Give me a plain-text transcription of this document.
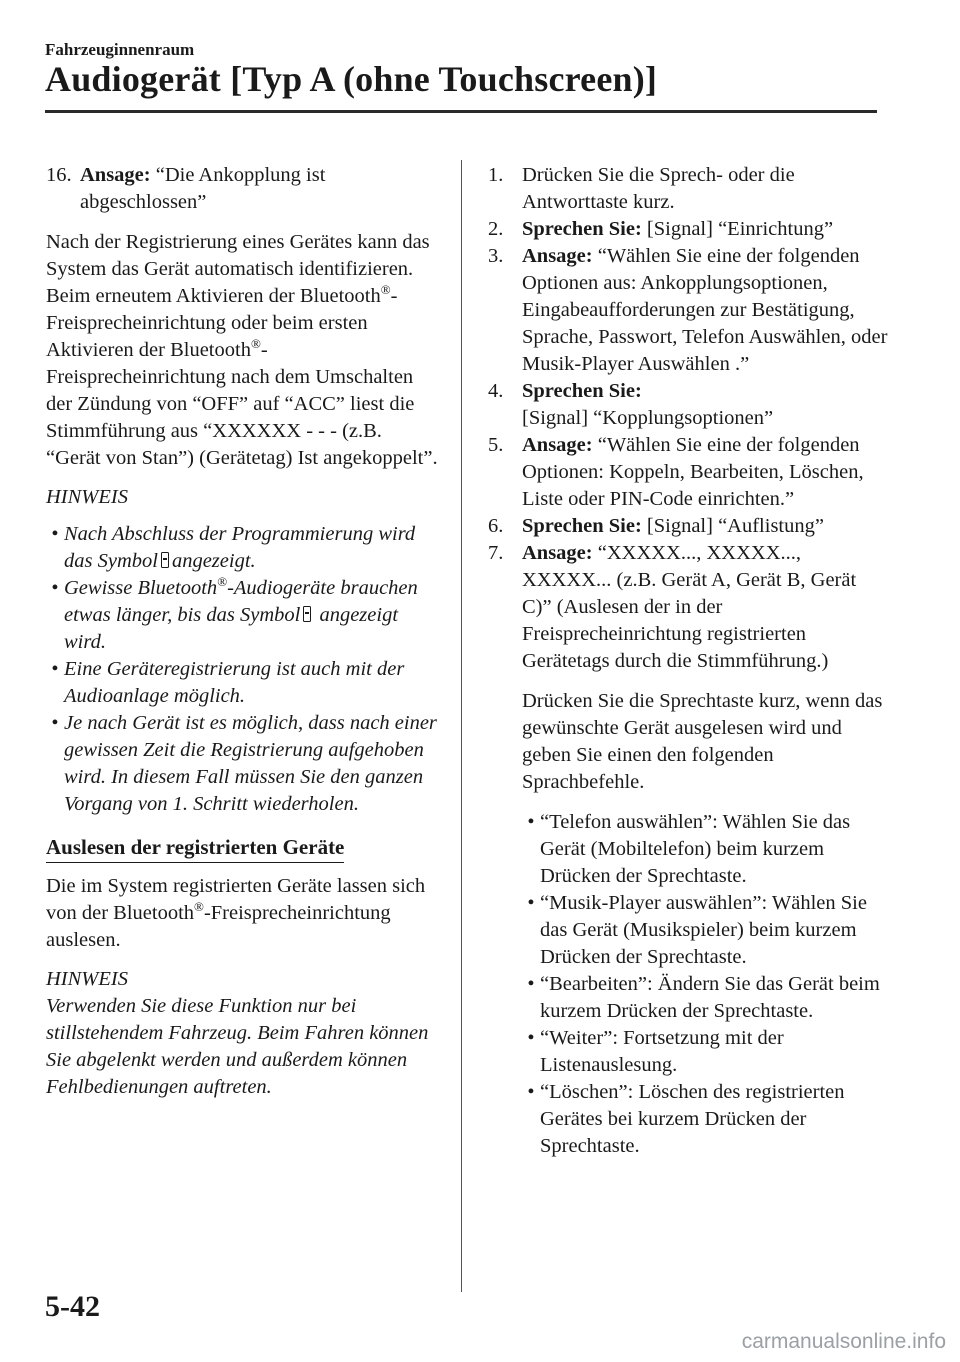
Fahrzeuginnenraum
Audiogerät [Typ A (ohne Touchscreen)]
16. Ansage: “Die Ankopplung ist abgeschlossen”

Nach der Registrierung eines Gerätes kann das System das Gerät automatisch identifizieren. Beim erneutem Aktivieren der Bluetooth®-Freisprecheinrichtung oder beim ersten Aktivieren der Bluetooth®-Freisprecheinrichtung nach dem Umschalten der Zündung von “OFF” auf “ACC” liest die Stimmführung aus “XXXXXX - - - (z.B. “Gerät von Stan”) (Gerätetag) Ist angekoppelt”.

HINWEIS
• Nach Abschluss der Programmierung wird das Symbol angezeigt.
• Gewisse Bluetooth®-Audiogeräte brauchen etwas länger, bis das Symbol angezeigt wird.
• Eine Geräteregistrierung ist auch mit der Audioanlage möglich.
• Je nach Gerät ist es möglich, dass nach einer gewissen Zeit die Registrierung aufgehoben wird. In diesem Fall müssen Sie den ganzen Vorgang von 1. Schritt wiederholen.
Auslesen der registrierten Geräte

Die im System registrierten Geräte lassen sich von der Bluetooth®-Freisprecheinrichtung auslesen.

HINWEIS

Verwenden Sie diese Funktion nur bei stillstehendem Fahrzeug. Beim Fahren können Sie abgelenkt werden und außerdem können Fehlbedienungen auftreten.

1. Drücken Sie die Sprech- oder die Antworttaste kurz.
2. Sprechen Sie: [Signal] “Einrichtung”
3. Ansage: “Wählen Sie eine der folgenden Optionen aus: Ankopplungsoptionen, Eingabeaufforderungen zur Bestätigung, Sprache, Passwort, Telefon Auswählen, oder Musik-Player Auswählen .”
4. Sprechen Sie:
[Signal] “Kopplungsoptionen”
5. Ansage: “Wählen Sie eine der folgenden Optionen: Koppeln, Bearbeiten, Löschen, Liste oder PIN-Code einrichten.”
6. Sprechen Sie: [Signal] “Auflistung”
7. Ansage: “XXXXX..., XXXXX..., XXXXX... (z.B. Gerät A, Gerät B, Gerät C)” (Auslesen der in der Freisprecheinrichtung registrierten Gerätetags durch die Stimmführung.)

Drücken Sie die Sprechtaste kurz, wenn das gewünschte Gerät ausgelesen wird und geben Sie einen den folgenden Sprachbefehle.

• “Telefon auswählen”: Wählen Sie das Gerät (Mobiltelefon) beim kurzem Drücken der Sprechtaste.
• “Musik-Player auswählen”: Wählen Sie das Gerät (Musikspieler) beim kurzem Drücken der Sprechtaste.
• “Bearbeiten”: Ändern Sie das Gerät beim kurzem Drücken der Sprechtaste.
• “Weiter”: Fortsetzung mit der Listenauslesung.
• “Löschen”: Löschen des registrierten Gerätes bei kurzem Drücken der Sprechtaste.
5-42
carmanualsonline.info
